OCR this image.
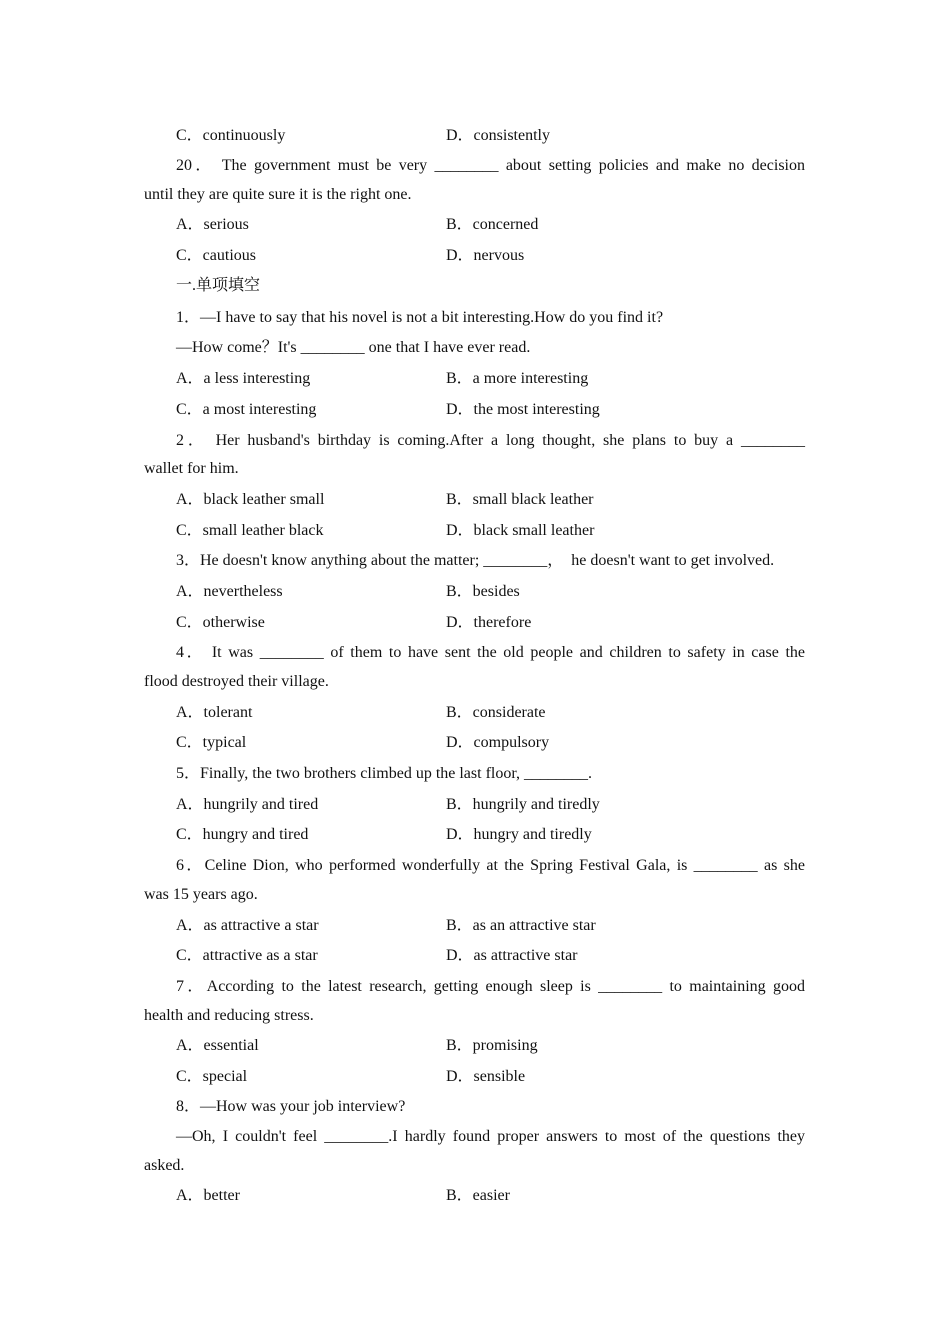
C．continuously	D．consistently
20． The government must be very ________ about setting policies and make no decision
until they are quite sure it is the right one.
A．serious	B．concerned
C．cautious	D．nervous
一.单项填空
1．—I have to say that his novel is not a bit interesting.How do you find it?
—How come？It's ________ one that I have ever read.
A．a less interesting	B．a more interesting
C．a most interesting	D．the most interesting
2． Her husband's birthday is coming.After a long thought, she plans to buy a ________
wallet for him.
A．black leather small	B．small black leather
C．small leather black	D．black small leather
3．He doesn't know anything about the matter; ________，  he doesn't want to get involved.
A．nevertheless	B．besides
C．otherwise	D．therefore
4． It was ________ of them to have sent the old people and children to safety in case the
flood destroyed their village.
A．tolerant	B．considerate
C．typical	D．compulsory
5．Finally, the two brothers climbed up the last floor, ________.
A．hungrily and tired	B．hungrily and tiredly
C．hungry and tired	D．hungry and tiredly
6．Celine Dion, who performed wonderfully at the Spring Festival Gala, is ________ as she
was 15 years ago.
A．as attractive a star	B．as an attractive star
C．attractive as a star	D．as attractive star
7．According to the latest research, getting enough sleep is ________ to maintaining good
health and reducing stress.
A．essential	B．promising
C．special	D．sensible
8．—How was your job interview?
—Oh, I couldn't feel ________.I hardly found proper answers to most of the questions they
asked.
A．better	B．easier
